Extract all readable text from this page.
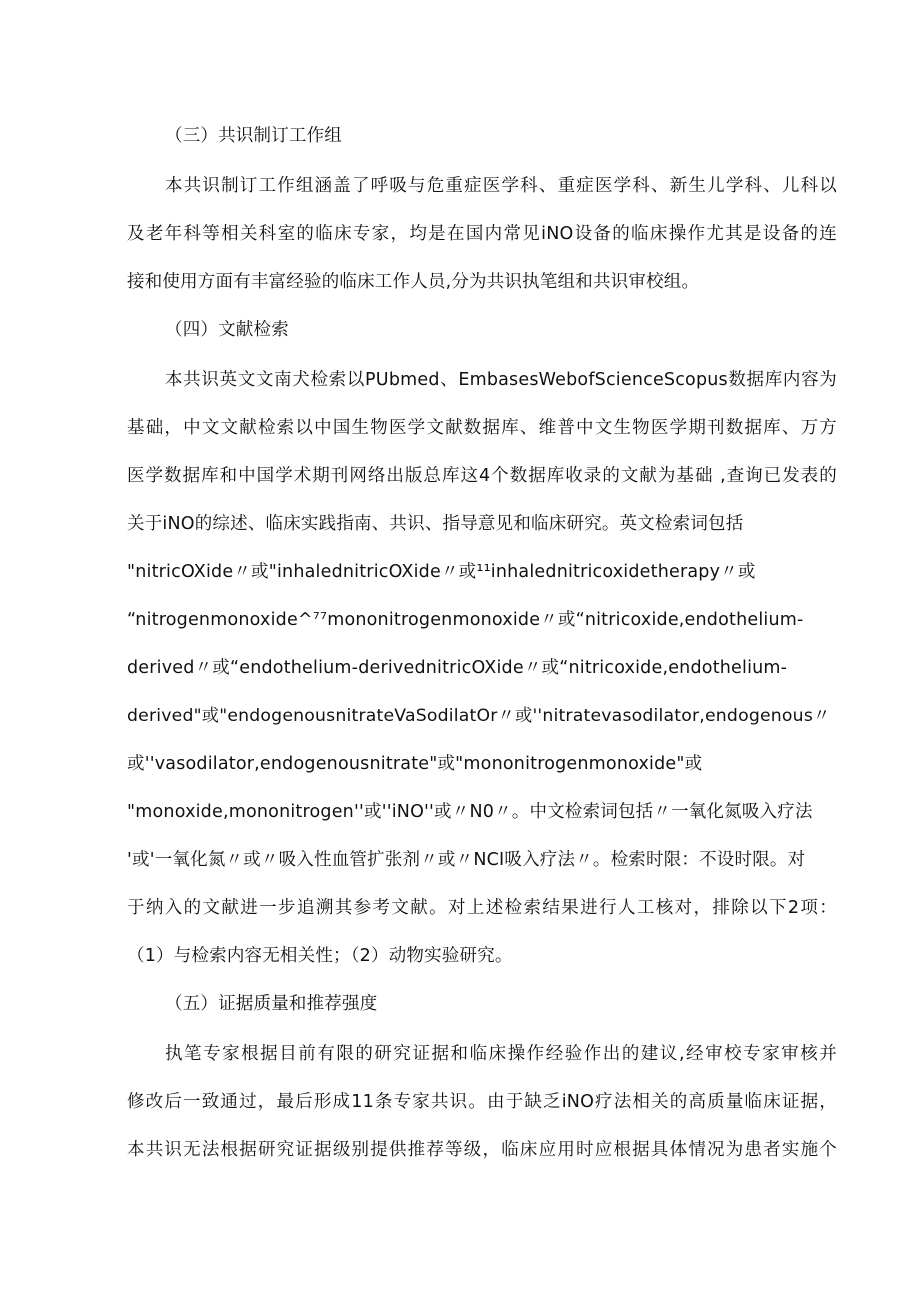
（三）共识制订工作组
本共识制订工作组涵盖了呼吸与危重症医学科、重症医学科、新生儿学科、儿科以
及老年科等相关科室的临床专家，均是在国内常见iNO设备的临床操作尤其是设备的连
接和使用方面有丰富经验的临床工作人员,分为共识执笔组和共识审校组。
（四）文献检索
本共识英文文南犬检索以PUbmed、EmbasesWebofScienceScopus数据库内容为
基础，中文文献检索以中国生物医学文献数据库、维普中文生物医学期刊数据库、万方
医学数据库和中国学术期刊网络出版总库这4个数据库收录的文献为基础 ,查询已发表的
关于iNO的综述、临床实践指南、共识、指导意见和临床研究。英文检索词包括
"nitricOXide〃或"inhalednitricOXide〃或¹¹inhalednitricoxidetherapy〃或
“nitrogenmonoxide^⁷⁷mononitrogenmonoxide〃或“nitricoxide,endothelium-
derived〃或“endothelium-derivednitricOXide〃或“nitricoxide,endothelium-
derived"或"endogenousnitrateVaSodilatOr〃或''nitratevasodilator,endogenous〃
或''vasodilator,endogenousnitrate"或"mononitrogenmonoxide"或
"monoxide,mononitrogen''或''iNO''或〃N0〃。中文检索词包括〃一氧化氮吸入疗法
'或'一氧化氮〃或〃吸入性血管扩张剂〃或〃NCI吸入疗法〃。检索时限：不设时限。对
于纳入的文献进一步追溯其参考文献。对上述检索结果进行人工核对，排除以下2项：
（1）与检索内容无相关性；（2）动物实验研究。
（五）证据质量和推荐强度
执笔专家根据目前有限的研究证据和临床操作经验作出的建议,经审校专家审核并
修改后一致通过，最后形成11条专家共识。由于缺乏iNO疗法相关的高质量临床证据，
本共识无法根据研究证据级别提供推荐等级，临床应用时应根据具体情况为患者实施个
